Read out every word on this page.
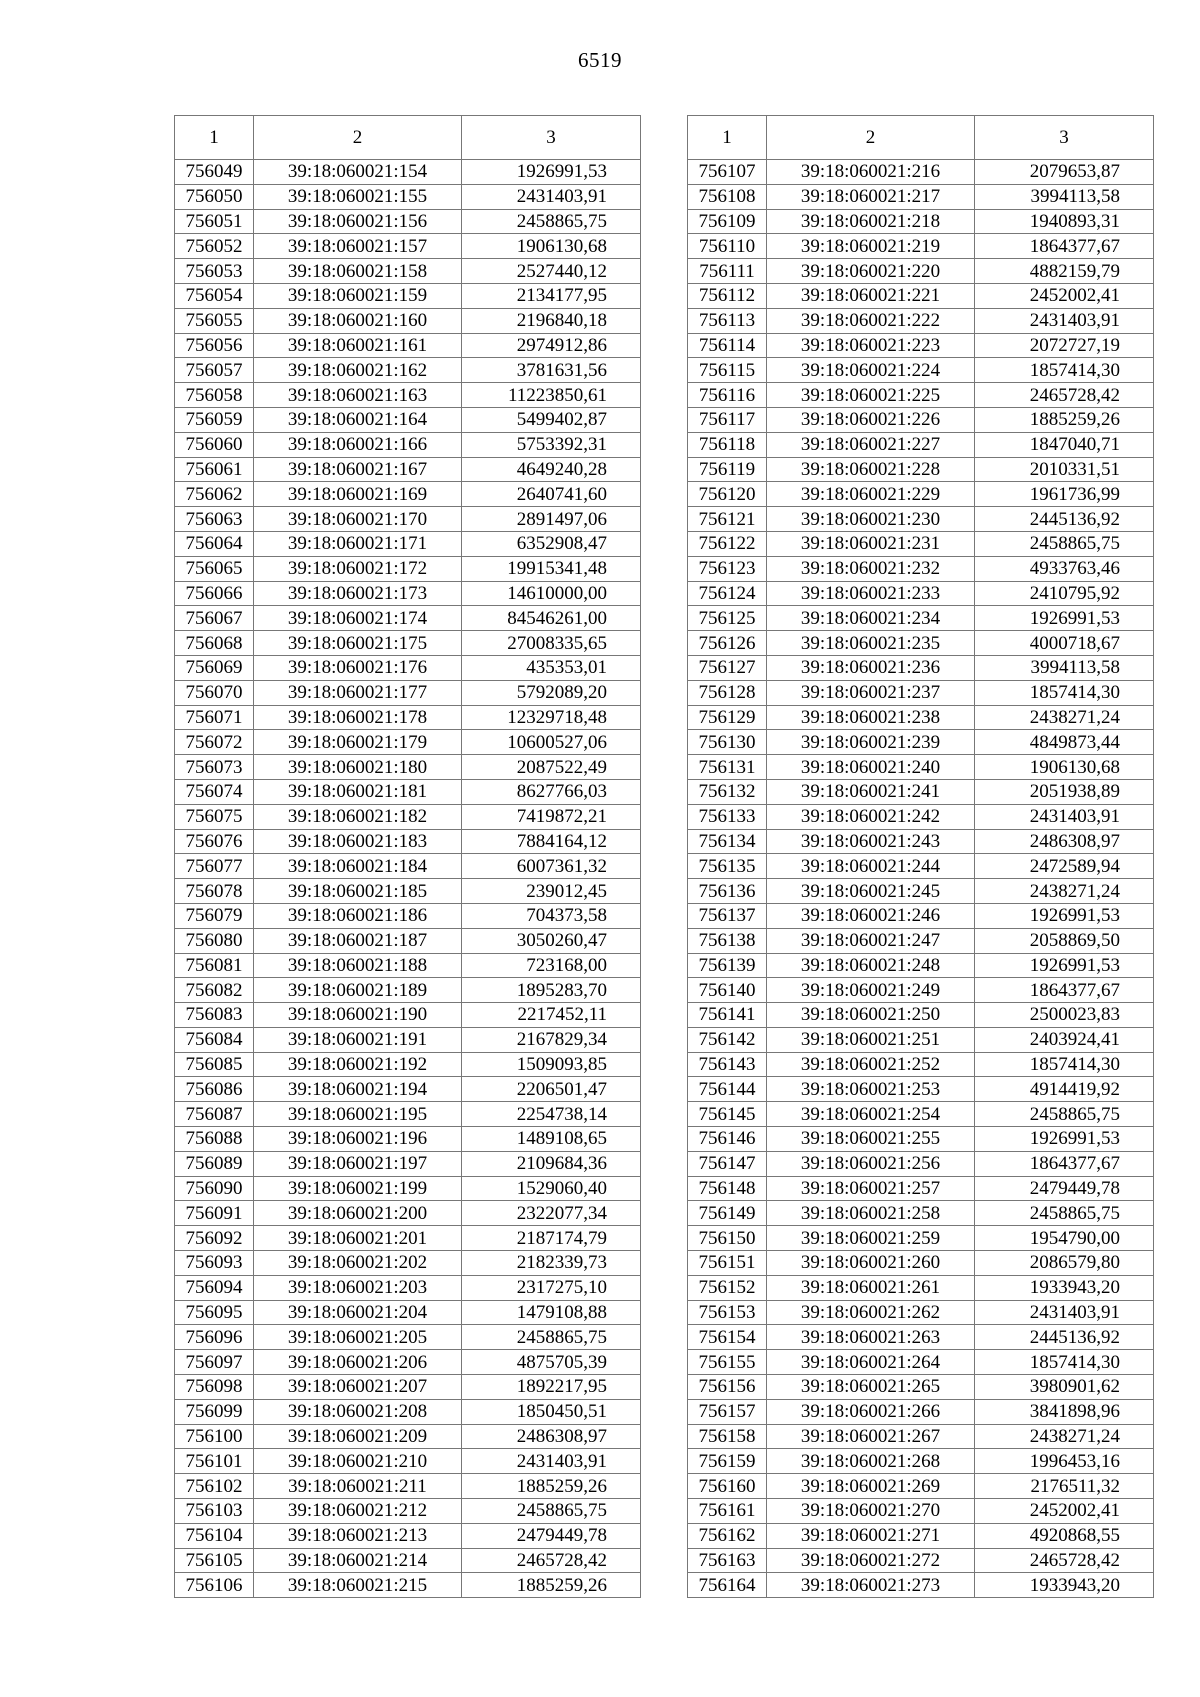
6519
1	2	3
756049	39:18:060021:154	1926991,53
756050	39:18:060021:155	2431403,91
756051	39:18:060021:156	2458865,75
756052	39:18:060021:157	1906130,68
756053	39:18:060021:158	2527440,12
756054	39:18:060021:159	2134177,95
756055	39:18:060021:160	2196840,18
756056	39:18:060021:161	2974912,86
756057	39:18:060021:162	3781631,56
756058	39:18:060021:163	11223850,61
756059	39:18:060021:164	5499402,87
756060	39:18:060021:166	5753392,31
756061	39:18:060021:167	4649240,28
756062	39:18:060021:169	2640741,60
756063	39:18:060021:170	2891497,06
756064	39:18:060021:171	6352908,47
756065	39:18:060021:172	19915341,48
756066	39:18:060021:173	14610000,00
756067	39:18:060021:174	84546261,00
756068	39:18:060021:175	27008335,65
756069	39:18:060021:176	435353,01
756070	39:18:060021:177	5792089,20
756071	39:18:060021:178	12329718,48
756072	39:18:060021:179	10600527,06
756073	39:18:060021:180	2087522,49
756074	39:18:060021:181	8627766,03
756075	39:18:060021:182	7419872,21
756076	39:18:060021:183	7884164,12
756077	39:18:060021:184	6007361,32
756078	39:18:060021:185	239012,45
756079	39:18:060021:186	704373,58
756080	39:18:060021:187	3050260,47
756081	39:18:060021:188	723168,00
756082	39:18:060021:189	1895283,70
756083	39:18:060021:190	2217452,11
756084	39:18:060021:191	2167829,34
756085	39:18:060021:192	1509093,85
756086	39:18:060021:194	2206501,47
756087	39:18:060021:195	2254738,14
756088	39:18:060021:196	1489108,65
756089	39:18:060021:197	2109684,36
756090	39:18:060021:199	1529060,40
756091	39:18:060021:200	2322077,34
756092	39:18:060021:201	2187174,79
756093	39:18:060021:202	2182339,73
756094	39:18:060021:203	2317275,10
756095	39:18:060021:204	1479108,88
756096	39:18:060021:205	2458865,75
756097	39:18:060021:206	4875705,39
756098	39:18:060021:207	1892217,95
756099	39:18:060021:208	1850450,51
756100	39:18:060021:209	2486308,97
756101	39:18:060021:210	2431403,91
756102	39:18:060021:211	1885259,26
756103	39:18:060021:212	2458865,75
756104	39:18:060021:213	2479449,78
756105	39:18:060021:214	2465728,42
756106	39:18:060021:215	1885259,26
1	2	3
756107	39:18:060021:216	2079653,87
756108	39:18:060021:217	3994113,58
756109	39:18:060021:218	1940893,31
756110	39:18:060021:219	1864377,67
756111	39:18:060021:220	4882159,79
756112	39:18:060021:221	2452002,41
756113	39:18:060021:222	2431403,91
756114	39:18:060021:223	2072727,19
756115	39:18:060021:224	1857414,30
756116	39:18:060021:225	2465728,42
756117	39:18:060021:226	1885259,26
756118	39:18:060021:227	1847040,71
756119	39:18:060021:228	2010331,51
756120	39:18:060021:229	1961736,99
756121	39:18:060021:230	2445136,92
756122	39:18:060021:231	2458865,75
756123	39:18:060021:232	4933763,46
756124	39:18:060021:233	2410795,92
756125	39:18:060021:234	1926991,53
756126	39:18:060021:235	4000718,67
756127	39:18:060021:236	3994113,58
756128	39:18:060021:237	1857414,30
756129	39:18:060021:238	2438271,24
756130	39:18:060021:239	4849873,44
756131	39:18:060021:240	1906130,68
756132	39:18:060021:241	2051938,89
756133	39:18:060021:242	2431403,91
756134	39:18:060021:243	2486308,97
756135	39:18:060021:244	2472589,94
756136	39:18:060021:245	2438271,24
756137	39:18:060021:246	1926991,53
756138	39:18:060021:247	2058869,50
756139	39:18:060021:248	1926991,53
756140	39:18:060021:249	1864377,67
756141	39:18:060021:250	2500023,83
756142	39:18:060021:251	2403924,41
756143	39:18:060021:252	1857414,30
756144	39:18:060021:253	4914419,92
756145	39:18:060021:254	2458865,75
756146	39:18:060021:255	1926991,53
756147	39:18:060021:256	1864377,67
756148	39:18:060021:257	2479449,78
756149	39:18:060021:258	2458865,75
756150	39:18:060021:259	1954790,00
756151	39:18:060021:260	2086579,80
756152	39:18:060021:261	1933943,20
756153	39:18:060021:262	2431403,91
756154	39:18:060021:263	2445136,92
756155	39:18:060021:264	1857414,30
756156	39:18:060021:265	3980901,62
756157	39:18:060021:266	3841898,96
756158	39:18:060021:267	2438271,24
756159	39:18:060021:268	1996453,16
756160	39:18:060021:269	2176511,32
756161	39:18:060021:270	2452002,41
756162	39:18:060021:271	4920868,55
756163	39:18:060021:272	2465728,42
756164	39:18:060021:273	1933943,20
